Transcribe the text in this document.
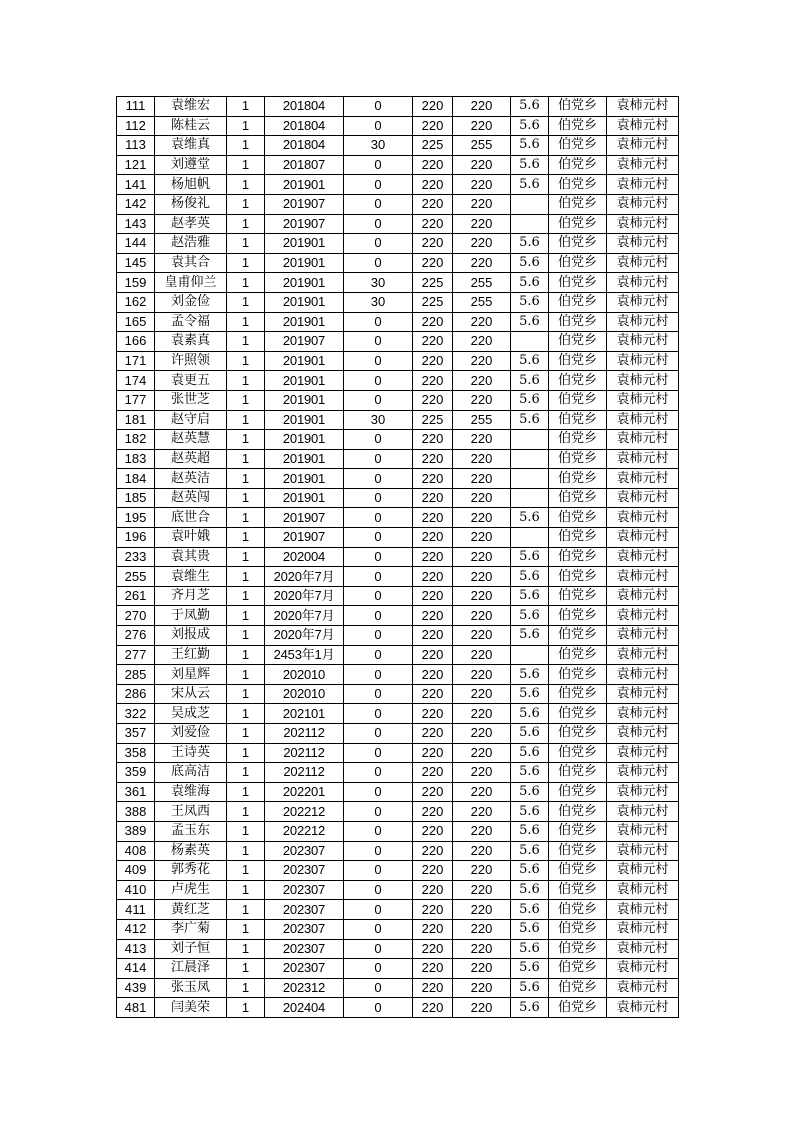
111	袁维宏	1	201804	0	220	220	5.6	伯党乡	袁柿元村
112	陈桂云	1	201804	0	220	220	5.6	伯党乡	袁柿元村
113	袁维真	1	201804	30	225	255	5.6	伯党乡	袁柿元村
121	刘遵堂	1	201807	0	220	220	5.6	伯党乡	袁柿元村
141	杨旭帆	1	201901	0	220	220	5.6	伯党乡	袁柿元村
142	杨俊礼	1	201907	0	220	220		伯党乡	袁柿元村
143	赵孝英	1	201907	0	220	220		伯党乡	袁柿元村
144	赵浩雅	1	201901	0	220	220	5.6	伯党乡	袁柿元村
145	袁其合	1	201901	0	220	220	5.6	伯党乡	袁柿元村
159	皇甫仰兰	1	201901	30	225	255	5.6	伯党乡	袁柿元村
162	刘金俭	1	201901	30	225	255	5.6	伯党乡	袁柿元村
165	孟令福	1	201901	0	220	220	5.6	伯党乡	袁柿元村
166	袁素真	1	201907	0	220	220		伯党乡	袁柿元村
171	许照领	1	201901	0	220	220	5.6	伯党乡	袁柿元村
174	袁更五	1	201901	0	220	220	5.6	伯党乡	袁柿元村
177	张世芝	1	201901	0	220	220	5.6	伯党乡	袁柿元村
181	赵守启	1	201901	30	225	255	5.6	伯党乡	袁柿元村
182	赵英慧	1	201901	0	220	220		伯党乡	袁柿元村
183	赵英超	1	201901	0	220	220		伯党乡	袁柿元村
184	赵英洁	1	201901	0	220	220		伯党乡	袁柿元村
185	赵英闯	1	201901	0	220	220		伯党乡	袁柿元村
195	底世合	1	201907	0	220	220	5.6	伯党乡	袁柿元村
196	袁叶娥	1	201907	0	220	220		伯党乡	袁柿元村
233	袁其贵	1	202004	0	220	220	5.6	伯党乡	袁柿元村
255	袁维生	1	2020年7月	0	220	220	5.6	伯党乡	袁柿元村
261	齐月芝	1	2020年7月	0	220	220	5.6	伯党乡	袁柿元村
270	于凤勤	1	2020年7月	0	220	220	5.6	伯党乡	袁柿元村
276	刘报成	1	2020年7月	0	220	220	5.6	伯党乡	袁柿元村
277	王红勤	1	2453年1月	0	220	220		伯党乡	袁柿元村
285	刘星辉	1	202010	0	220	220	5.6	伯党乡	袁柿元村
286	宋从云	1	202010	0	220	220	5.6	伯党乡	袁柿元村
322	吴成芝	1	202101	0	220	220	5.6	伯党乡	袁柿元村
357	刘爱俭	1	202112	0	220	220	5.6	伯党乡	袁柿元村
358	王诗英	1	202112	0	220	220	5.6	伯党乡	袁柿元村
359	底高洁	1	202112	0	220	220	5.6	伯党乡	袁柿元村
361	袁维海	1	202201	0	220	220	5.6	伯党乡	袁柿元村
388	王凤西	1	202212	0	220	220	5.6	伯党乡	袁柿元村
389	孟玉东	1	202212	0	220	220	5.6	伯党乡	袁柿元村
408	杨素英	1	202307	0	220	220	5.6	伯党乡	袁柿元村
409	郭秀花	1	202307	0	220	220	5.6	伯党乡	袁柿元村
410	卢虎生	1	202307	0	220	220	5.6	伯党乡	袁柿元村
411	黄红芝	1	202307	0	220	220	5.6	伯党乡	袁柿元村
412	李广菊	1	202307	0	220	220	5.6	伯党乡	袁柿元村
413	刘子恒	1	202307	0	220	220	5.6	伯党乡	袁柿元村
414	江晨泽	1	202307	0	220	220	5.6	伯党乡	袁柿元村
439	张玉凤	1	202312	0	220	220	5.6	伯党乡	袁柿元村
481	闫美荣	1	202404	0	220	220	5.6	伯党乡	袁柿元村
